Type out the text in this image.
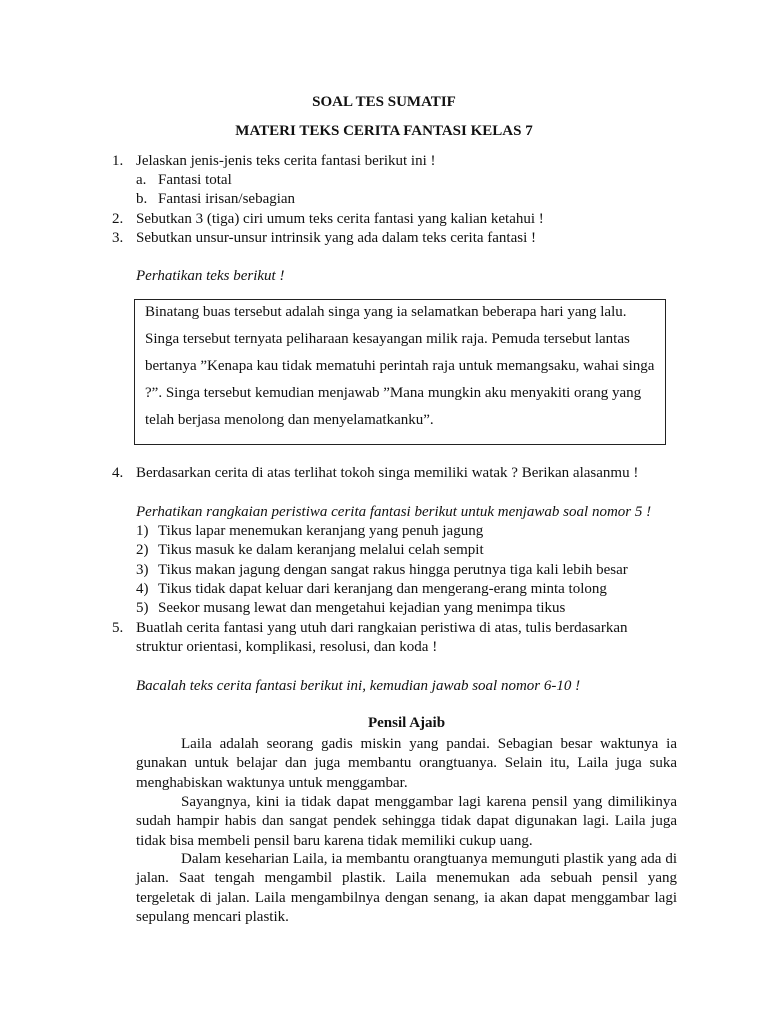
SOAL TES SUMATIF
MATERI TEKS CERITA FANTASI KELAS 7
1. Jelaskan jenis-jenis teks cerita fantasi berikut ini !
a. Fantasi total
b. Fantasi irisan/sebagian
2. Sebutkan 3 (tiga) ciri umum teks cerita fantasi yang kalian ketahui !
3. Sebutkan unsur-unsur intrinsik yang ada dalam teks cerita fantasi !
Perhatikan teks berikut !
Binatang buas tersebut adalah singa yang ia selamatkan beberapa hari yang lalu.
Singa tersebut ternyata peliharaan kesayangan milik raja. Pemuda tersebut lantas
bertanya ”Kenapa kau tidak mematuhi perintah raja untuk memangsaku, wahai singa
?”. Singa tersebut kemudian menjawab ”Mana mungkin aku menyakiti orang yang
telah berjasa menolong dan menyelamatkanku”.
4. Berdasarkan cerita di atas terlihat tokoh singa memiliki watak ? Berikan alasanmu !
Perhatikan rangkaian peristiwa cerita fantasi berikut untuk menjawab soal nomor 5 !
1) Tikus lapar menemukan keranjang yang penuh jagung
2) Tikus masuk ke dalam keranjang melalui celah sempit
3) Tikus makan jagung dengan sangat rakus hingga perutnya tiga kali lebih besar
4) Tikus tidak dapat keluar dari keranjang dan mengerang-erang minta tolong
5) Seekor musang lewat dan mengetahui kejadian yang menimpa tikus
5. Buatlah cerita fantasi yang utuh dari rangkaian peristiwa di atas, tulis berdasarkan
struktur orientasi, komplikasi, resolusi, dan koda !
Bacalah teks cerita fantasi berikut ini, kemudian jawab soal nomor 6-10 !
Pensil Ajaib
Laila adalah seorang gadis miskin yang pandai. Sebagian besar waktunya ia gunakan untuk belajar dan juga membantu orangtuanya. Selain itu, Laila juga suka menghabiskan waktunya untuk menggambar.
Sayangnya, kini ia tidak dapat menggambar lagi karena pensil yang dimilikinya sudah hampir habis dan sangat pendek sehingga tidak dapat digunakan lagi. Laila juga tidak bisa membeli pensil baru karena tidak memiliki cukup uang.
Dalam keseharian Laila, ia membantu orangtuanya memunguti plastik yang ada di jalan. Saat tengah mengambil plastik. Laila menemukan ada sebuah pensil yang tergeletak di jalan. Laila mengambilnya dengan senang, ia akan dapat menggambar lagi sepulang mencari plastik.
